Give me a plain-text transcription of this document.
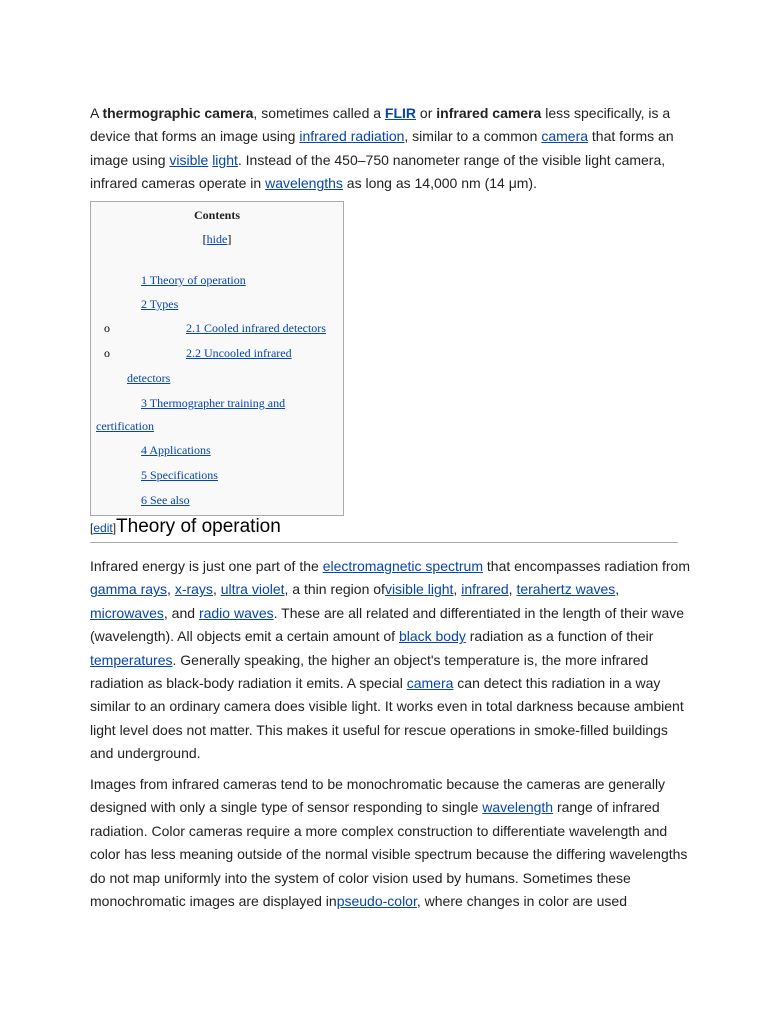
A thermographic camera, sometimes called a FLIR or infrared camera less specifically, is a device that forms an image using infrared radiation, similar to a common camera that forms an image using visible light. Instead of the 450–750 nanometer range of the visible light camera, infrared cameras operate in wavelengths as long as 14,000 nm (14 μm).

Contents
[hide]
1 Theory of operation
2 Types
o	2.1 Cooled infrared detectors
o	2.2 Uncooled infrared
detectors
3 Thermographer training and
certification
4 Applications
5 Specifications
6 See also
[edit]Theory of operation

Infrared energy is just one part of the electromagnetic spectrum that encompasses radiation from gamma rays, x-rays, ultra violet, a thin region ofvisible light, infrared, terahertz waves, microwaves, and radio waves. These are all related and differentiated in the length of their wave (wavelength). All objects emit a certain amount of black body radiation as a function of their temperatures. Generally speaking, the higher an object's temperature is, the more infrared radiation as black-body radiation it emits. A special camera can detect this radiation in a way similar to an ordinary camera does visible light. It works even in total darkness because ambient light level does not matter. This makes it useful for rescue operations in smoke-filled buildings and underground.

Images from infrared cameras tend to be monochromatic because the cameras are generally designed with only a single type of sensor responding to single wavelength range of infrared radiation. Color cameras require a more complex construction to differentiate wavelength and color has less meaning outside of the normal visible spectrum because the differing wavelengths do not map uniformly into the system of color vision used by humans. Sometimes these monochromatic images are displayed inpseudo-color, where changes in color are used
